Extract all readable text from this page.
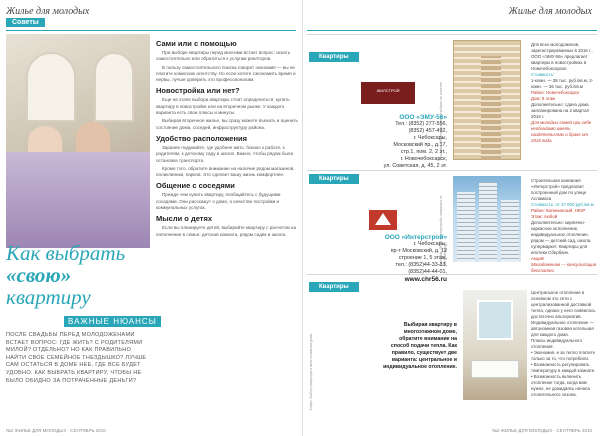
Жилье для молодых
Советы
Как выбрать
«свою»
квартиру
ВАЖНЫЕ НЮАНСЫ
ПОСЛЕ СВАДЬБЫ ПЕРЕД МОЛОДОЖЕНАМИ ВСТАЕТ ВОПРОС: ГДЕ ЖИТЬ? С РОДИТЕЛЯМИ МИЛОЙ? ОТДЕЛЬНО? НО КАК ПРАВИЛЬНО НАЙТИ СВОЕ СЕМЕЙНОЕ ГНЕЗДЫШКО? ЛУЧШЕ САМ ОСТАТЬСЯ В ДОМЕ НЕЕ, ГДЕ ВСЕ БУДЕТ УДОБНО. КАК ВЫБРАТЬ КВАРТИРУ, ЧТОБЫ НЕ БЫЛО ОБИДНО ЗА ПОТРАЧЕННЫЕ ДЕНЬГИ?
Сами или с помощью
При выборе квартиры перед многими встает вопрос: искать самостоятельно или обратиться к услугам риелторов.
В пользу самостоятельного поиска говорит экономия — вы не платите комиссию агентству. Но если хотите сэкономить время и нервы, лучше доверить это профессионалам.
Новостройка или нет?
Еще на этапе выбора квартиры стоит определиться: купить квартиру в новостройке или на вторичном рынке. У каждого варианта есть свои плюсы и минусы.
Выбирая вторичное жилье, вы сразу можете въехать и оценить состояние дома, соседей, инфраструктуру района.
Удобство расположения
Заранее подумайте, где удобнее жить: близко к работе, к родителям, к детскому саду и школе. Важно, чтобы рядом была остановка транспорта.
Кроме того, обратите внимание на наличие рядом магазинов, поликлиники, парков. Это сделает вашу жизнь комфортнее.
Общение с соседями
Прежде чем купить квартиру, пообщайтесь с будущими соседями. Они расскажут о доме, о качестве постройки и коммунальных услугах.
Мысли о детях
Если вы планируете детей, выбирайте квартиру с расчетом на пополнение в семье: детская комната, рядом садик и школа.
№2 ЖИЛЬЕ ДЛЯ МОЛОДЫХ · СЕНТЯБРЬ 2010
Жилье для молодых
Квартиры
Реклама. Квартиры в новостройках по ипотеке
ЖИЛСТРОЙ
ООО «ЭМУ-56»
Тел.: (8352) 277-556,
(8352) 457-492,
г. Чебоксары,
Московский пр., д.17,
стр.1, пом. 2, 2 эт.,
г. Новочебоксарск,
ул. Советская, д. 45, 2 эт.
Для всех молодоженов, зарегистрированных в 2016 г., ООО «ЭМУ-56» предлагает квартиры в новостройках в Новочебоксарске
Стоимость:
1-комн. — 38 тыс. руб./кв.м, 2-комн. — 36 тыс. руб./кв.м
Район: Новочебоксарск
Дом: 9 этаж
Дополнительно: сдача дома запланирована на 2 квартал 2016 г.
Для молодых семей при себе необходимо иметь свидетельство о браке от 2016 года.
Квартиры
Реклама. ООО «Интерстрой» квартиры от застройщика
ООО «Интерстрой»
г. Чебоксары,
пр-т Московский, д. 12
строение 1, 5 этаж,
тел.: (8352)44-33-33,
(8352)44-44-01,
www.chr56.ru
Строительная компания «Интерстрой» предлагает построенный дом по улице Асламаса
Стоимость: от 37 000 руб./кв.м
Район: Калининский, НЮР
Этаж: любой
Дополнительно: кирпично-каркасное исполнение, индивидуальное отопление, рядом — детский сад, школа, супермаркет. Квартиры для ипотеки Сбербанк.
Акция!
Молодоженам — консультация бесплатно
Квартиры
Инфо: Выбор квартиры в многоэтажном доме
Выбирая квартиру в многоэтажном доме, обратите внимание на способ подачи тепла. Как правило, существует две варианта: центральное и индивидуальное отопление.
Центральное отопление в основном это сети с централизованной доставкой тепла, однако у него появилось достаточно альтернатив. Индивидуальное отопление — автономная газовая котельная для каждого дома.
Плюсы индивидуального отопления:
• Экономия, и за тепло платите только за то, что потребили.
• Возможность регулировать температуру в каждой комнате.
• Возможность включить отопление тогда, когда вам нужно, не дожидаясь начала отопительного сезона.
№2 ЖИЛЬЕ ДЛЯ МОЛОДЫХ · СЕНТЯБРЬ 2010
